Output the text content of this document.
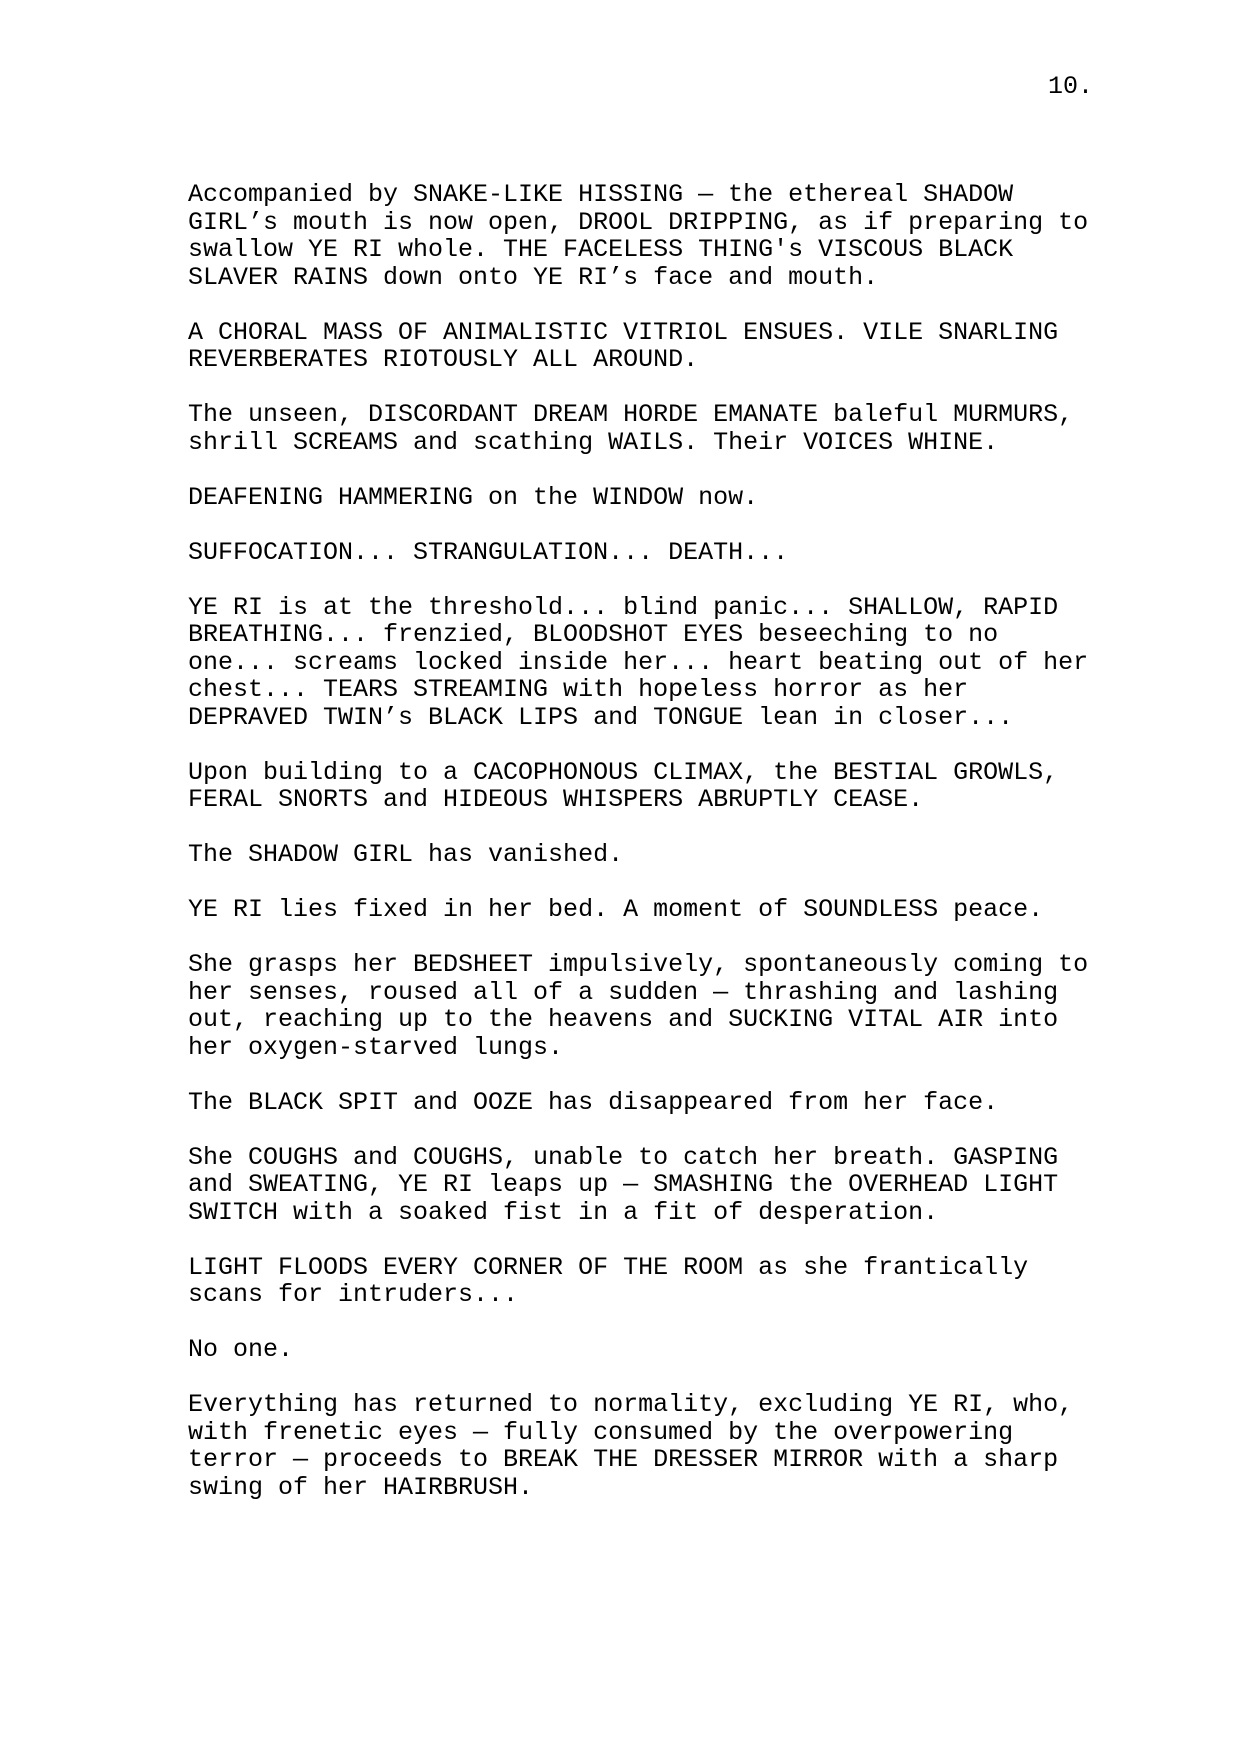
10.

Accompanied by SNAKE-LIKE HISSING — the ethereal SHADOW
GIRL’s mouth is now open, DROOL DRIPPING, as if preparing to
swallow YE RI whole. THE FACELESS THING's VISCOUS BLACK
SLAVER RAINS down onto YE RI’s face and mouth.

A CHORAL MASS OF ANIMALISTIC VITRIOL ENSUES. VILE SNARLING
REVERBERATES RIOTOUSLY ALL AROUND.

The unseen, DISCORDANT DREAM HORDE EMANATE baleful MURMURS,
shrill SCREAMS and scathing WAILS. Their VOICES WHINE.

DEAFENING HAMMERING on the WINDOW now.

SUFFOCATION... STRANGULATION... DEATH...

YE RI is at the threshold... blind panic... SHALLOW, RAPID
BREATHING... frenzied, BLOODSHOT EYES beseeching to no
one... screams locked inside her... heart beating out of her
chest... TEARS STREAMING with hopeless horror as her
DEPRAVED TWIN’s BLACK LIPS and TONGUE lean in closer...

Upon building to a CACOPHONOUS CLIMAX, the BESTIAL GROWLS,
FERAL SNORTS and HIDEOUS WHISPERS ABRUPTLY CEASE.

The SHADOW GIRL has vanished.

YE RI lies fixed in her bed. A moment of SOUNDLESS peace.

She grasps her BEDSHEET impulsively, spontaneously coming to
her senses, roused all of a sudden — thrashing and lashing
out, reaching up to the heavens and SUCKING VITAL AIR into
her oxygen-starved lungs.

The BLACK SPIT and OOZE has disappeared from her face.

She COUGHS and COUGHS, unable to catch her breath. GASPING
and SWEATING, YE RI leaps up — SMASHING the OVERHEAD LIGHT
SWITCH with a soaked fist in a fit of desperation.

LIGHT FLOODS EVERY CORNER OF THE ROOM as she frantically
scans for intruders...

No one.

Everything has returned to normality, excluding YE RI, who,
with frenetic eyes — fully consumed by the overpowering
terror — proceeds to BREAK THE DRESSER MIRROR with a sharp
swing of her HAIRBRUSH.
